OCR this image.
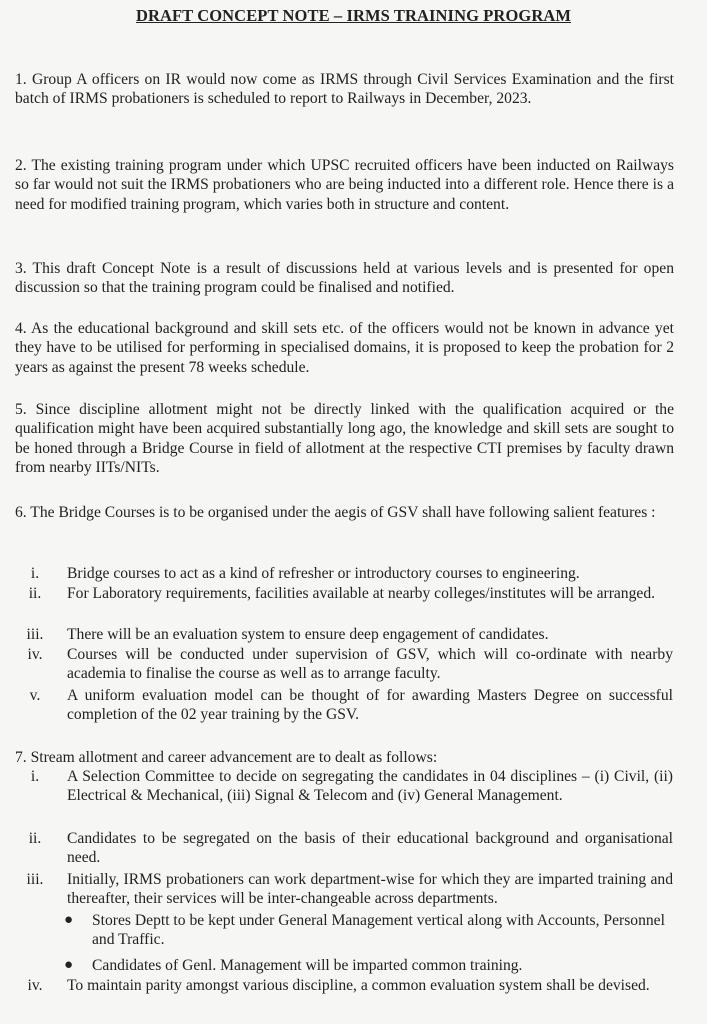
DRAFT CONCEPT NOTE – IRMS TRAINING PROGRAM
1. Group A officers on IR would now come as IRMS through Civil Services Examination and the first batch of IRMS probationers is scheduled to report to Railways in December, 2023.
2. The existing training program under which UPSC recruited officers have been inducted on Railways so far would not suit the IRMS probationers who are being inducted into a different role. Hence there is a need for modified training program, which varies both in structure and content.
3. This draft Concept Note is a result of discussions held at various levels and is presented for open discussion so that the training program could be finalised and notified.
4. As the educational background and skill sets etc. of the officers would not be known in advance yet they have to be utilised for performing in specialised domains, it is proposed to keep the probation for 2 years as against the present 78 weeks schedule.
5. Since discipline allotment might not be directly linked with the qualification acquired or the qualification might have been acquired substantially long ago, the knowledge and skill sets are sought to be honed through a Bridge Course in field of allotment at the respective CTI premises by faculty drawn from nearby IITs/NITs.
6. The Bridge Courses is to be organised under the aegis of GSV shall have following salient features :
i.	Bridge courses to act as a kind of refresher or introductory courses to engineering.
ii.	For Laboratory requirements, facilities available at nearby colleges/institutes will be arranged.
iii.	There will be an evaluation system to ensure deep engagement of candidates.
iv.	Courses will be conducted under supervision of GSV, which will co-ordinate with nearby academia to finalise the course as well as to arrange faculty.
v.	A uniform evaluation model can be thought of for awarding Masters Degree on successful completion of the 02 year training by the GSV.
7. Stream allotment and career advancement are to dealt as follows:
i.	A Selection Committee to decide on segregating the candidates in 04 disciplines – (i) Civil, (ii) Electrical & Mechanical, (iii) Signal & Telecom and (iv) General Management.
ii.	Candidates to be segregated on the basis of their educational background and organisational need.
iii.	Initially, IRMS probationers can work department-wise for which they are imparted training and thereafter, their services will be inter-changeable across departments.
●	Stores Deptt to be kept under General Management vertical along with Accounts, Personnel and Traffic.
●	Candidates of Genl. Management will be imparted common training.
iv.	To maintain parity amongst various discipline, a common evaluation system shall be devised.
